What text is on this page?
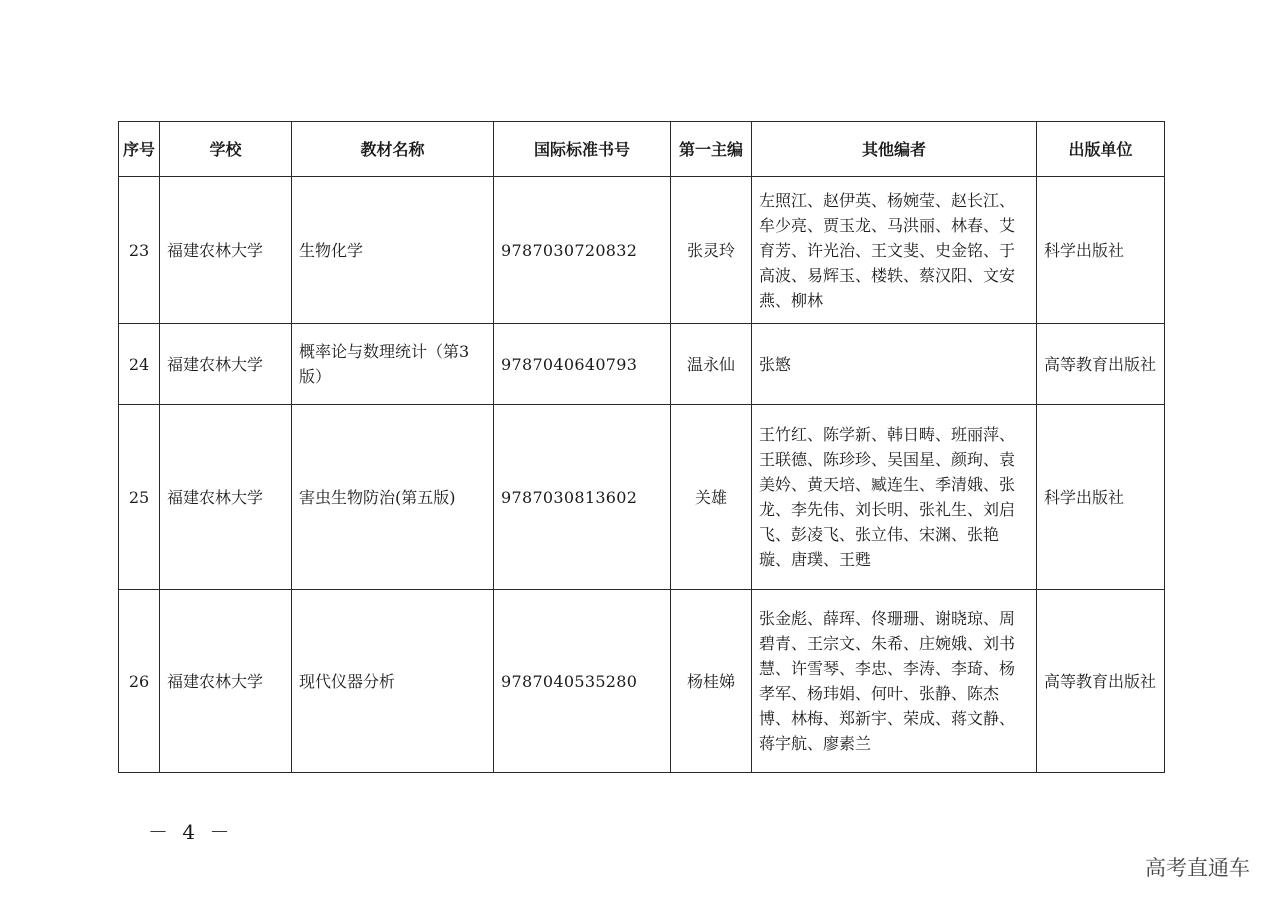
序号	学校	教材名称	国际标准书号	第一主编	其他编者	出版单位
23	福建农林大学	生物化学	9787030720832	张灵玲	左照江、赵伊英、杨婉莹、赵长江、牟少亮、贾玉龙、马洪丽、林春、艾育芳、许光治、王文斐、史金铭、于高波、易辉玉、楼轶、蔡汉阳、文安燕、柳林	科学出版社
24	福建农林大学	概率论与数理统计（第3版）	9787040640793	温永仙	张慜	高等教育出版社
25	福建农林大学	害虫生物防治(第五版)	9787030813602	关雄	王竹红、陈学新、韩日畴、班丽萍、王联德、陈珍珍、吴国星、颜珣、袁美妗、黄天培、臧连生、季清娥、张龙、李先伟、刘长明、张礼生、刘启飞、彭凌飞、张立伟、宋渊、张艳璇、唐璞、王甦	科学出版社
26	福建农林大学	现代仪器分析	9787040535280	杨桂娣	张金彪、薛珲、佟珊珊、谢晓琼、周碧青、王宗文、朱希、庄婉娥、刘书慧、许雪琴、李忠、李涛、李琦、杨孝军、杨玮娟、何叶、张静、陈杰博、林梅、郑新宇、荣成、蒋文静、蒋宇航、廖素兰	高等教育出版社
－ 4 －
高考直通车
